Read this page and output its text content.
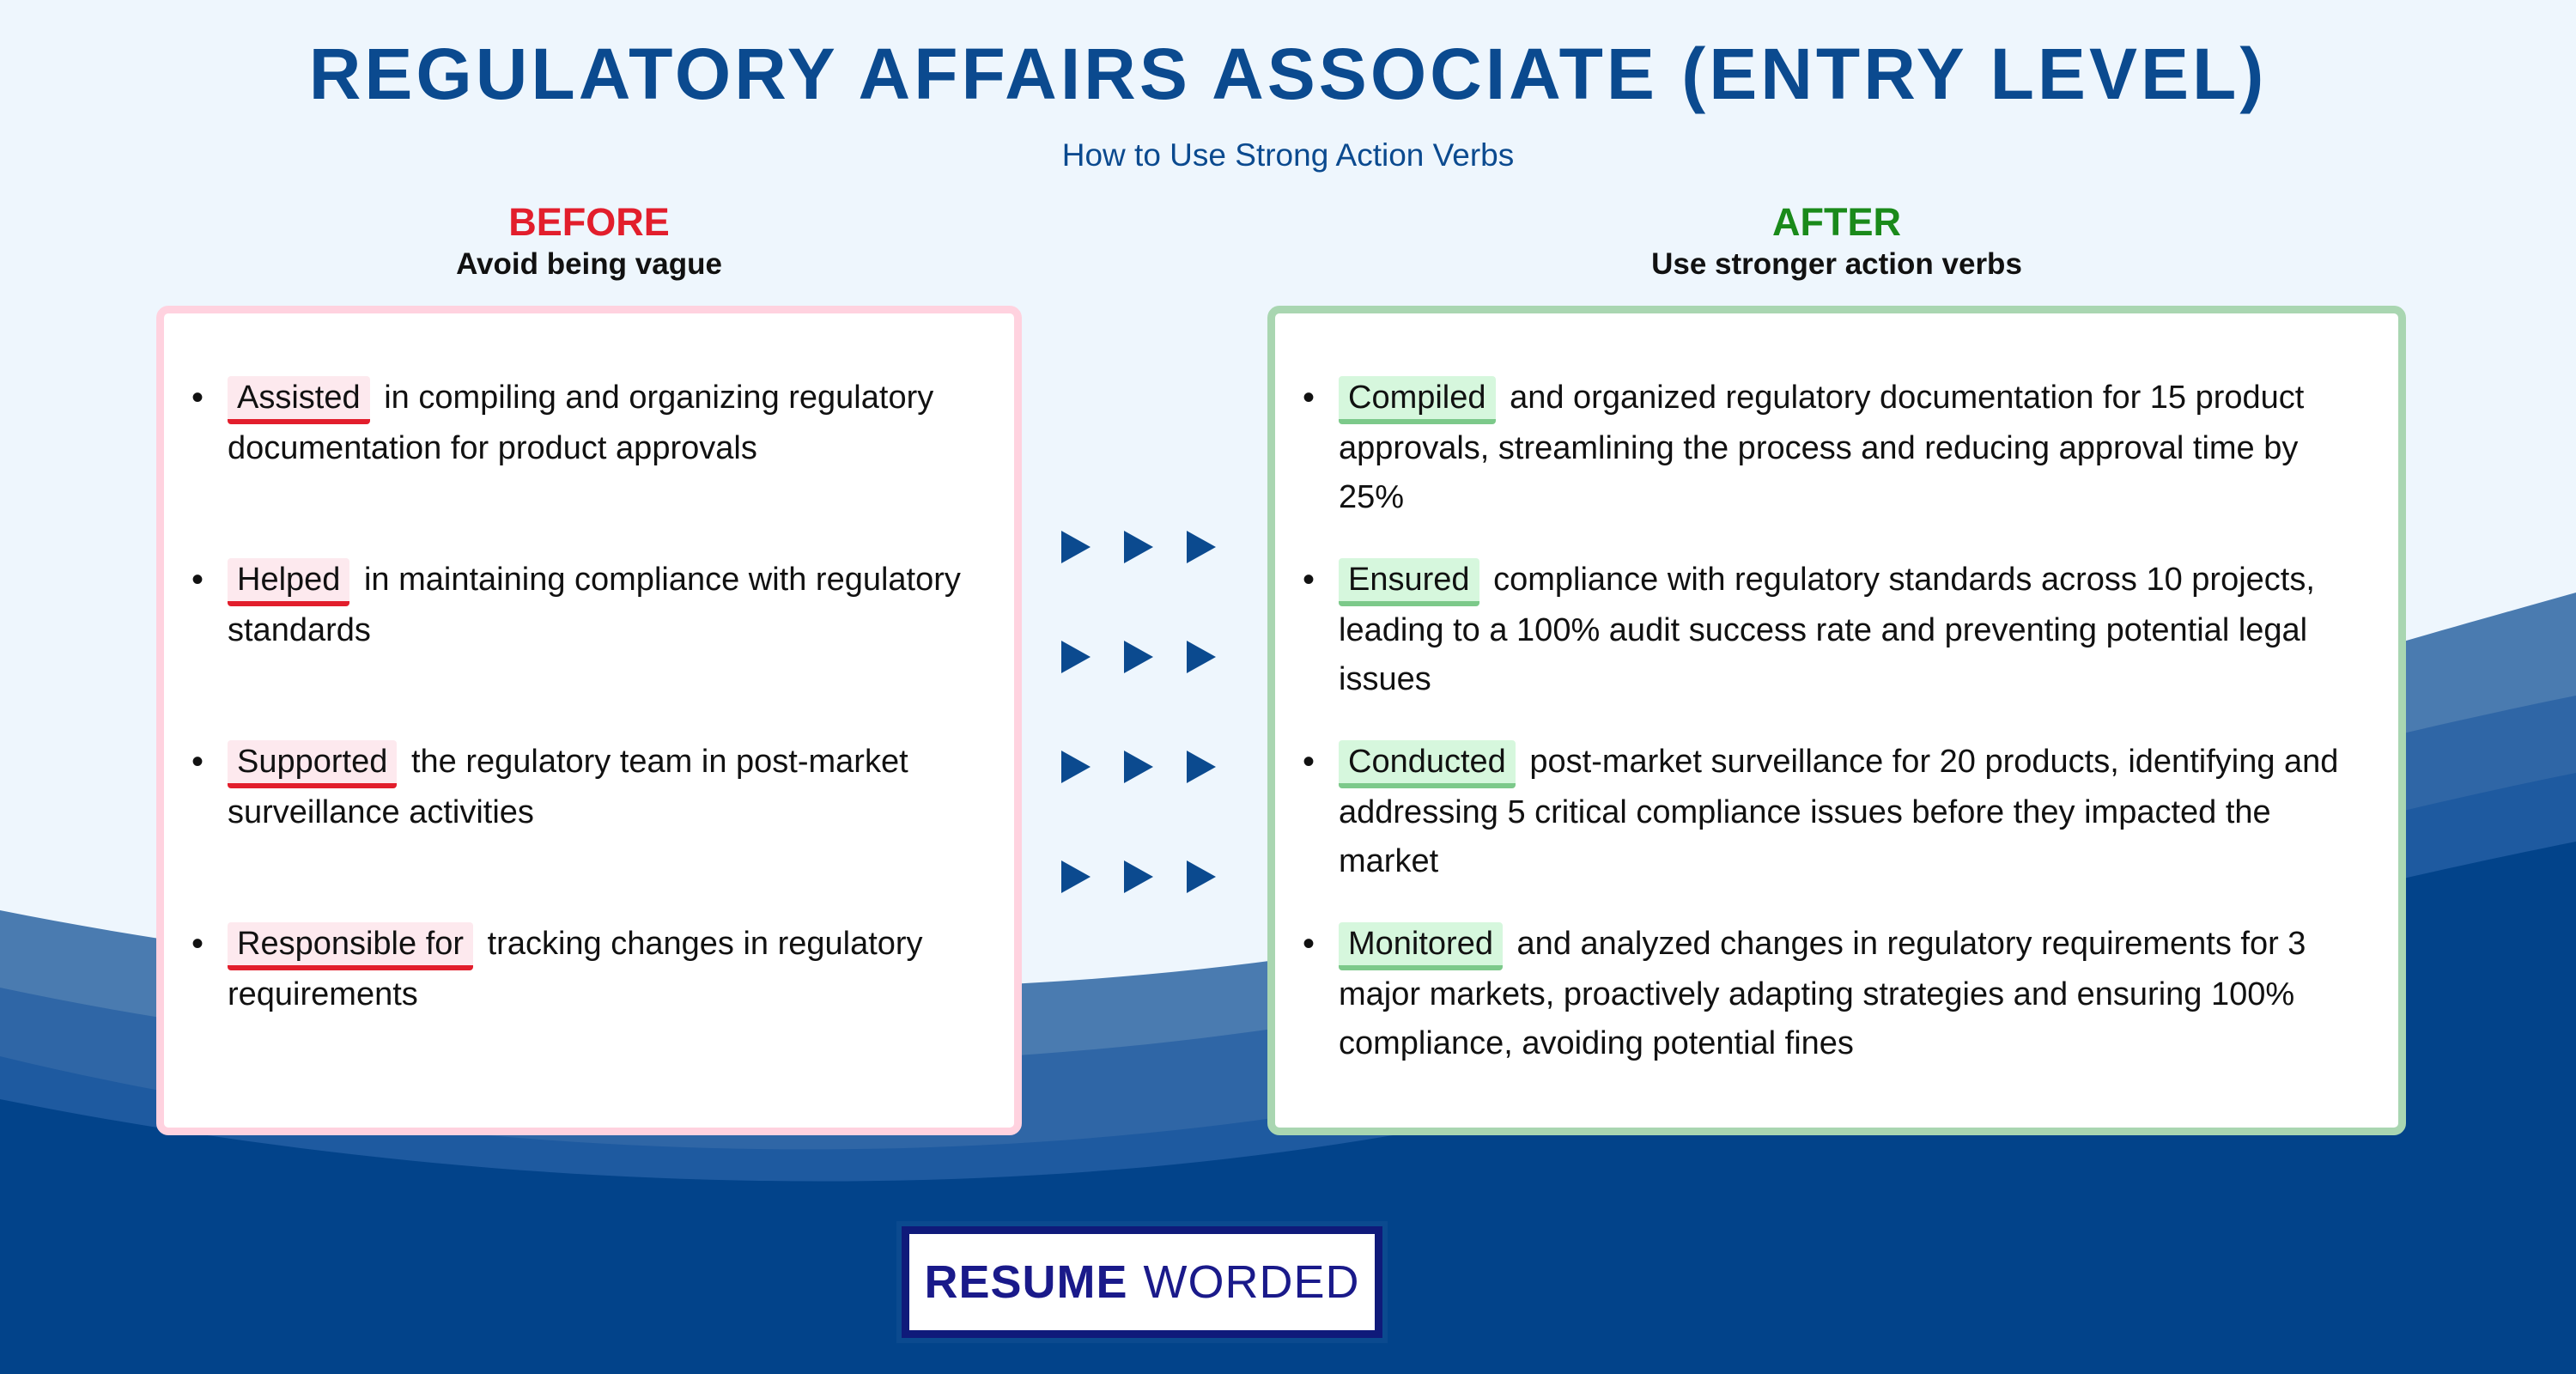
REGULATORY AFFAIRS ASSOCIATE (ENTRY LEVEL)
How to Use Strong Action Verbs
BEFORE
Avoid being vague
AFTER
Use stronger action verbs
• Assisted in compiling and organizing regulatory documentation for product approvals
• Helped in maintaining compliance with regulatory standards
• Supported the regulatory team in post-market surveillance activities
• Responsible for tracking changes in regulatory requirements
• Compiled and organized regulatory documentation for 15 product approvals, streamlining the process and reducing approval time by 25%
• Ensured compliance with regulatory standards across 10 projects, leading to a 100% audit success rate and preventing potential legal issues
• Conducted post-market surveillance for 20 products, identifying and addressing 5 critical compliance issues before they impacted the market
• Monitored and analyzed changes in regulatory requirements for 3 major markets, proactively adapting strategies and ensuring 100% compliance, avoiding potential fines
RESUME WORDED
